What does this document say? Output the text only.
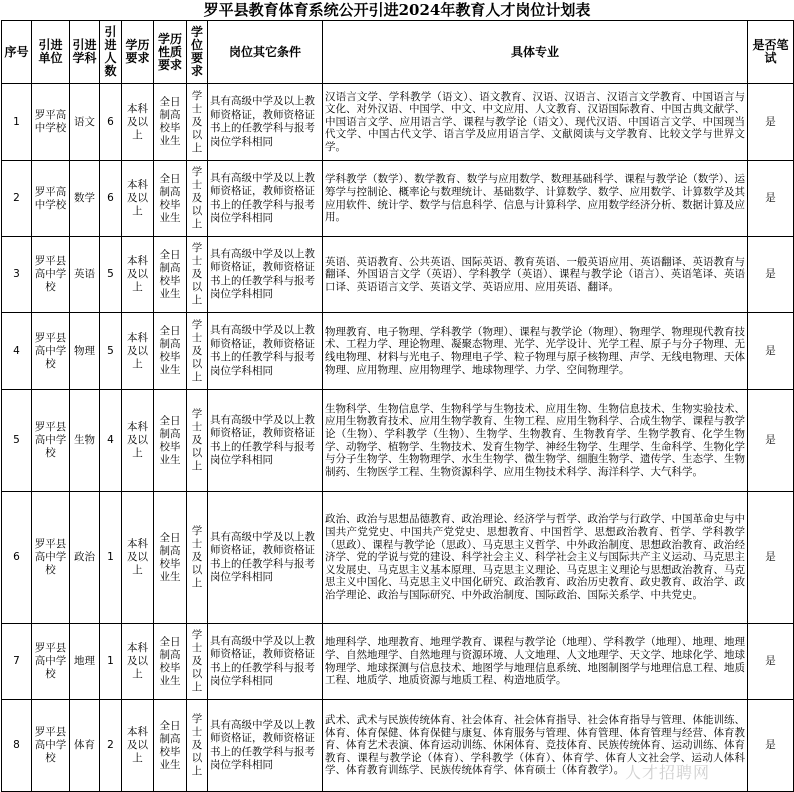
罗平县教育体育系统公开引进2024年教育人才岗位计划表
序号	引进单位	引进学科	引进人数	学历要求	学历性质要求	学位要求	岗位其它条件	具体专业	是否笔试
1	罗平高中学校	语文	6	本科及以上	全日制高校毕业生	学士及以上	具有高级中学及以上教师资格证，教师资格证书上的任教学科与报考岗位学科相同	汉语言文学、学科教学（语文）、语文教育、汉语、汉语言、汉语言文学教育、中国语言与文化、对外汉语、中国学、中文、中文应用、人文教育、汉语国际教育、中国古典文献学、中国语言文学、应用语言学、课程与教学论（语文）、现代汉语、中国语言文学、中国现当代文学、中国古代文学、语言学及应用语言学、文献阅读与文学教育、比较文学与世界文学。	是
2	罗平高中学校	数学	6	本科及以上	全日制高校毕业生	学士及以上	具有高级中学及以上教师资格证，教师资格证书上的任教学科与报考岗位学科相同	学科教学（数学）、数学教育、数学与应用数学、数理基础科学、课程与教学论（数学）、运筹学与控制论、概率论与数理统计、基础数学、计算数学、数学、应用数学、计算数学及其应用软件、统计学、数学与信息科学、信息与计算科学、应用数学经济分析、数据计算及应用。	是
3	罗平县高中学校	英语	5	本科及以上	全日制高校毕业生	学士及以上	具有高级中学及以上教师资格证，教师资格证书上的任教学科与报考岗位学科相同	英语、英语教育、公共英语、国际英语、教育英语、一般英语应用、英语翻译、英语教育与翻译、外国语言文学（英语）、学科教学（英语）、课程与教学论（语言）、英语笔译、英语口译、英语语言文学、英语文学、英语应用、应用英语、翻译。	是
4	罗平县高中学校	物理	5	本科及以上	全日制高校毕业生	学士及以上	具有高级中学及以上教师资格证，教师资格证书上的任教学科与报考岗位学科相同	物理教育、电子物理、学科教学（物理）、课程与教学论（物理）、物理学、物理现代教育技术、工程力学、理论物理、凝聚态物理、光学、光学设计、光学工程、原子与分子物理、无线电物理、材料与光电子、物理电子学、粒子物理与原子核物理、声学、无线电物理、天体物理、应用物理、应用物理学、地球物理学、力学、空间物理学。	是
5	罗平县高中学校	生物	4	本科及以上	全日制高校毕业生	学士及以上	具有高级中学及以上教师资格证，教师资格证书上的任教学科与报考岗位学科相同	生物科学、生物信息学、生物科学与生物技术、应用生物、生物信息技术、生物实验技术、应用生物教育技术、应用生物学教育、生物工程、应用生物科学、合成生物学、课程与教学论（生物）、学科教学（生物）、生物学、生物教育、生物教育学、生物学教育、化学生物学、动物学、植物学、生物技术、发育生物学、神经生物学、生理学、生命科学、生物化学与分子生物学、生物物理学、水生生物学、微生物学、细胞生物学、遗传学、生态学、生物制药、生物医学工程、生物资源科学、应用生物技术科学、海洋科学、大气科学。	是
6	罗平县高中学校	政治	1	本科及以上	全日制高校毕业生	学士及以上	具有高级中学及以上教师资格证，教师资格证书上的任教学科与报考岗位学科相同	政治、政治与思想品德教育、政治理论、经济学与哲学、政治学与行政学、中国革命史与中国共产党党史、中国共产党党史、思想教育、中国哲学、思想政治教育、哲学、学科教学（思政）、课程与教学论（思政）、马克思主义哲学、中外政治制度、思想政治教育、政治经济学、党的学说与党的建设、科学社会主义、科学社会主义与国际共产主义运动、马克思主义发展史、马克思主义基本原理、马克思主义理论、马克思主义理论与思想政治教育、马克思主义中国化、马克思主义中国化研究、政治教育、政治历史教育、政史教育、政治学、政治学理论、政治与国际研究、中外政治制度、国际政治、国际关系学、中共党史。	是
7	罗平县高中学校	地理	1	本科及以上	全日制高校毕业生	学士及以上	具有高级中学及以上教师资格证，教师资格证书上的任教学科与报考岗位学科相同	地理科学、地理教育、地理学教育、课程与教学论（地理）、学科教学（地理）、地理、地理学、自然地理学、自然地理与资源环境、人文地理、人文地理学、天文学、地球化学、地球物理学、地球探测与信息技术、地图学与地理信息系统、地图制图学与地理信息工程、地质工程、地质学、地质资源与地质工程、构造地质学。	是
8	罗平县高中学校	体育	2	本科及以上	全日制高校毕业生	学士及以上	具有高级中学及以上教师资格证，教师资格证书上的任教学科与报考岗位学科相同	武术、武术与民族传统体育、社会体育、社会体育指导、社会体育指导与管理、体能训练、体育、体育保健、体育保健与康复、体育服务与管理、体育管理、体育管理与经营、体育教育、体育艺术表演、体育运动训练、休闲体育、竞技体育、民族传统体育、运动训练、体育教育、课程与教学论（体育）、学科教学（体育）、体育学、体育人文社会学、运动人体科学、体育教育训练学、民族传统体育学、体育硕士（体育教学）。	是
人才招聘网
